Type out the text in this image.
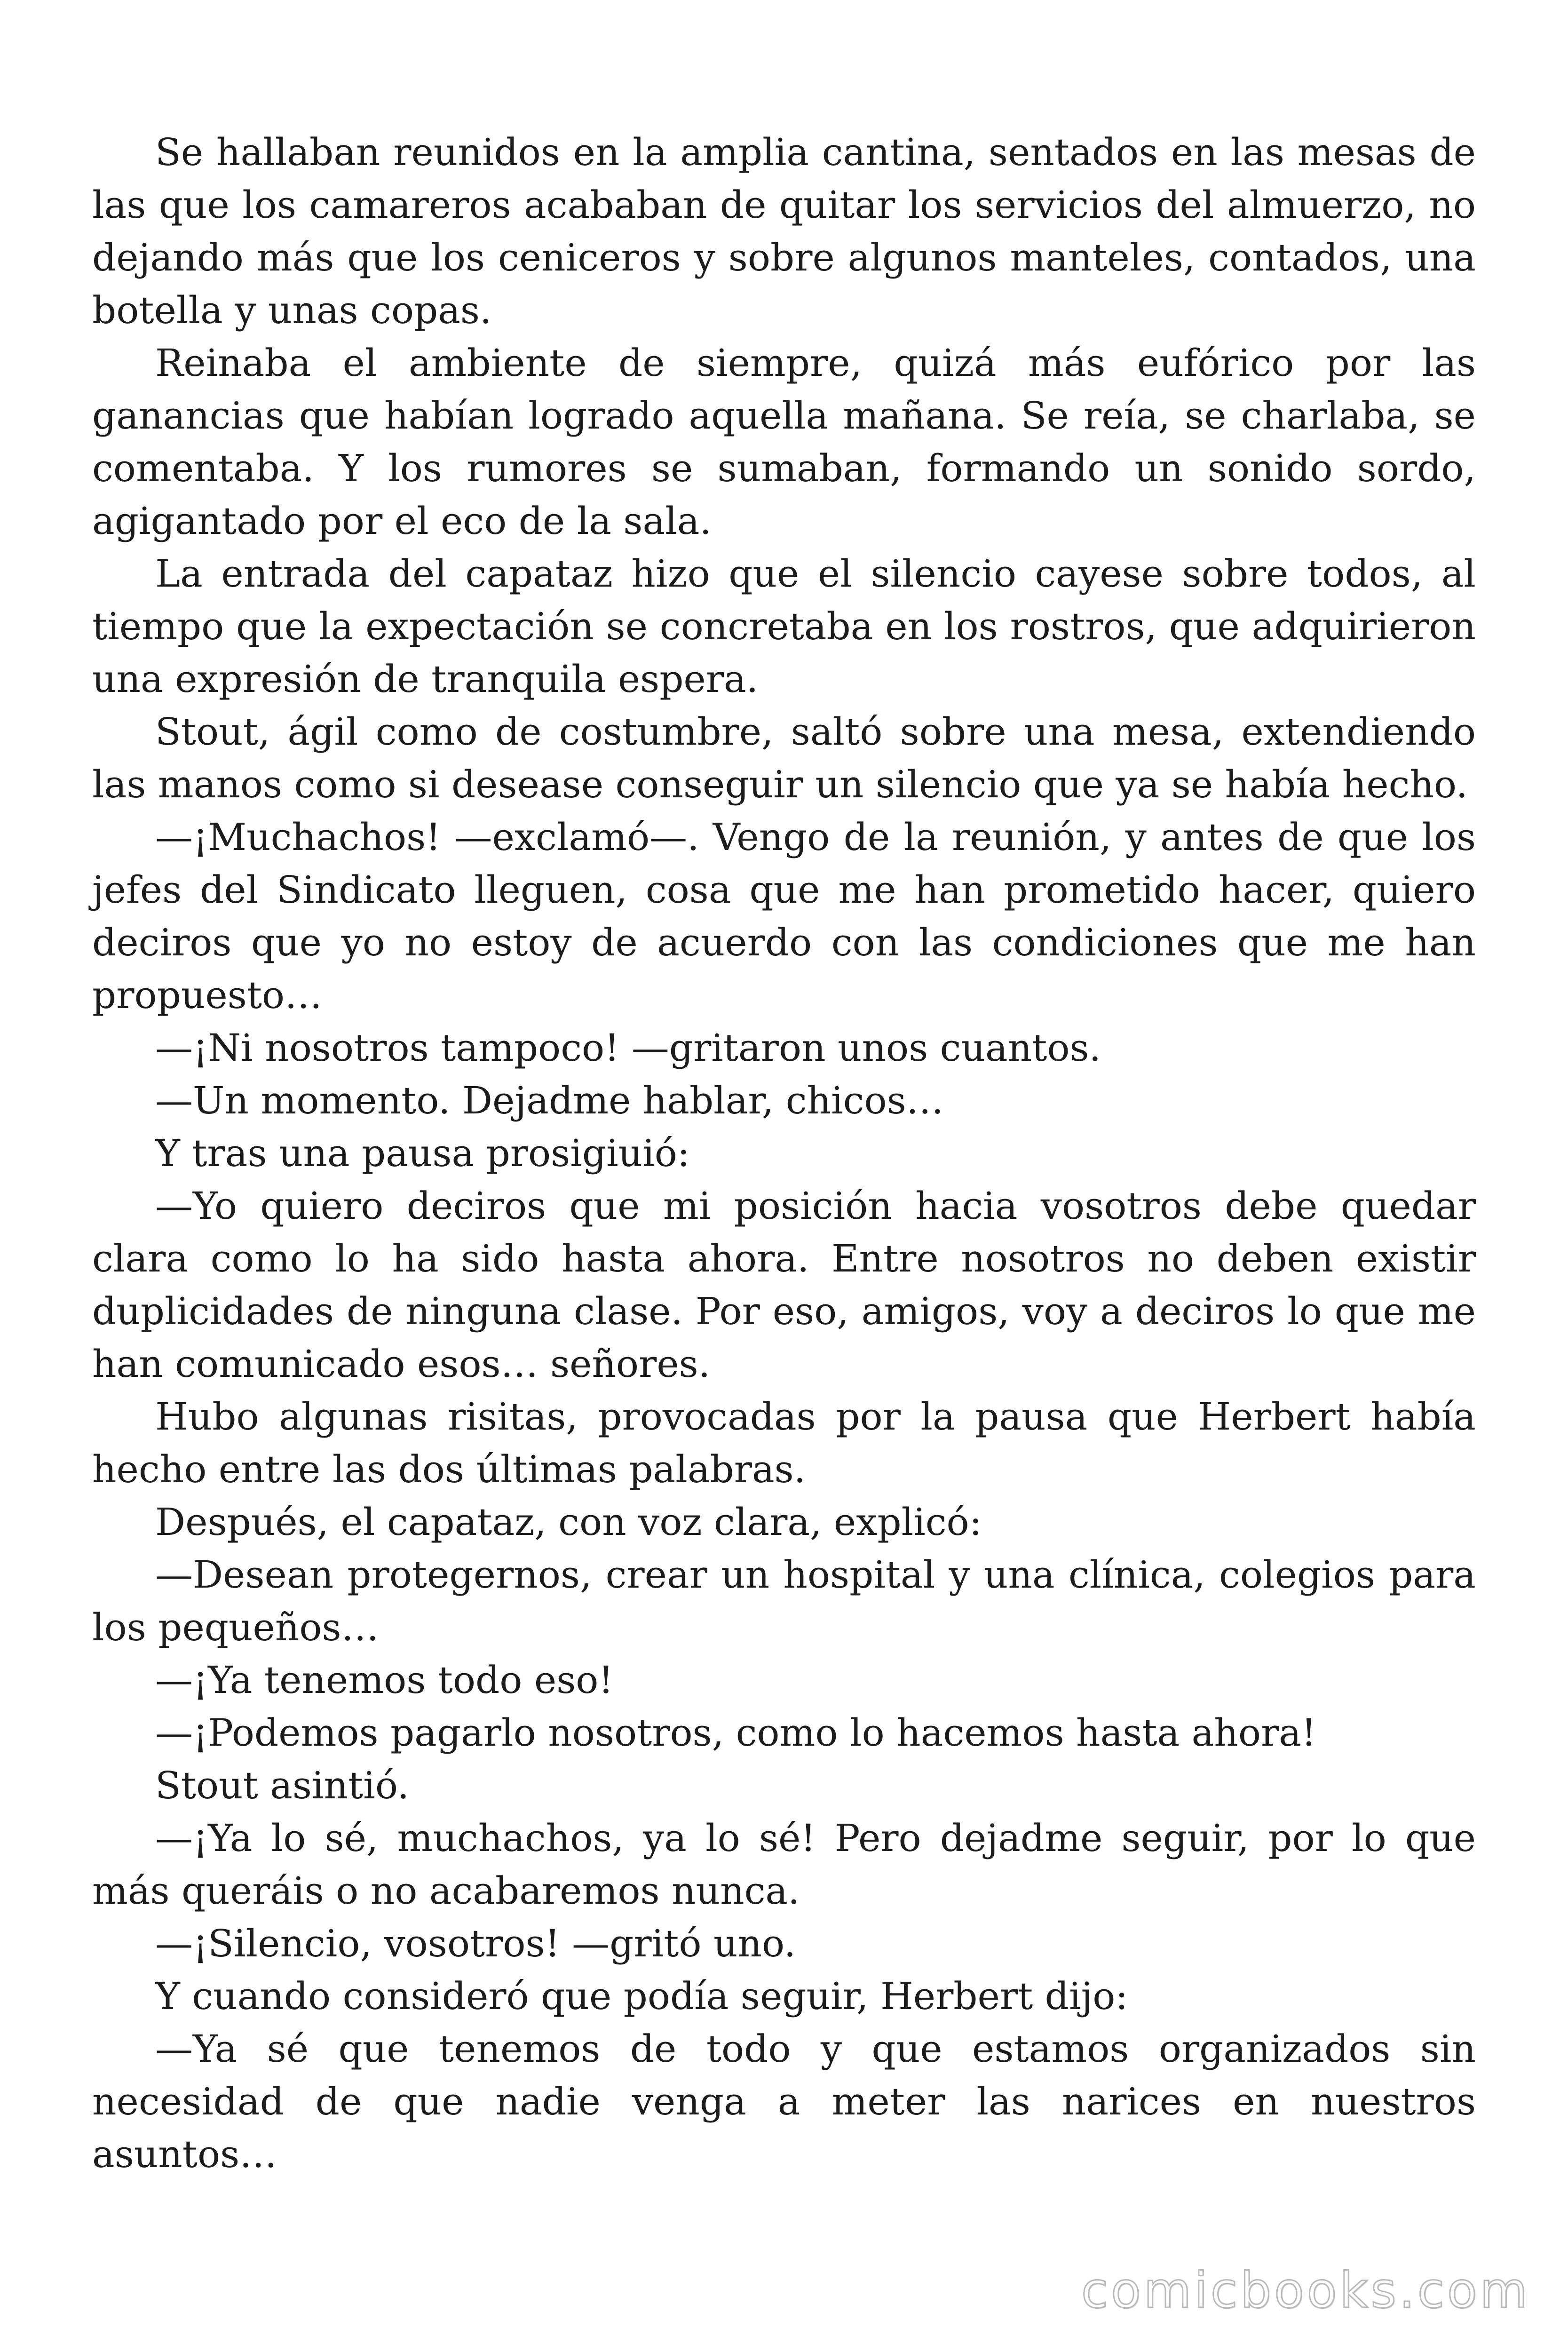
Se hallaban reunidos en la amplia cantina, sentados en las mesas de las que los camareros acababan de quitar los servicios del almuerzo, no dejando más que los ceniceros y sobre algunos manteles, contados, una botella y unas copas.

Reinaba el ambiente de siempre, quizá más eufórico por las ganancias que habían logrado aquella mañana. Se reía, se charlaba, se comentaba. Y los rumores se sumaban, formando un sonido sordo, agigantado por el eco de la sala.

La entrada del capataz hizo que el silencio cayese sobre todos, al tiempo que la expectación se concretaba en los rostros, que adquirieron una expresión de tranquila espera.

Stout, ágil como de costumbre, saltó sobre una mesa, extendiendo las manos como si desease conseguir un silencio que ya se había hecho.

—¡Muchachos! —exclamó—. Vengo de la reunión, y antes de que los jefes del Sindicato lleguen, cosa que me han prometido hacer, quiero deciros que yo no estoy de acuerdo con las condiciones que me han propuesto…

—¡Ni nosotros tampoco! —gritaron unos cuantos.

—Un momento. Dejadme hablar, chicos…

Y tras una pausa prosigiuió:

—Yo quiero deciros que mi posición hacia vosotros debe quedar clara como lo ha sido hasta ahora. Entre nosotros no deben existir duplicidades de ninguna clase. Por eso, amigos, voy a deciros lo que me han comunicado esos… señores.

Hubo algunas risitas, provocadas por la pausa que Herbert había hecho entre las dos últimas palabras.

Después, el capataz, con voz clara, explicó:

—Desean protegernos, crear un hospital y una clínica, colegios para los pequeños…

—¡Ya tenemos todo eso!

—¡Podemos pagarlo nosotros, como lo hacemos hasta ahora!

Stout asintió.

—¡Ya lo sé, muchachos, ya lo sé! Pero dejadme seguir, por lo que más queráis o no acabaremos nunca.

—¡Silencio, vosotros! —gritó uno.

Y cuando consideró que podía seguir, Herbert dijo:

—Ya sé que tenemos de todo y que estamos organizados sin necesidad de que nadie venga a meter las narices en nuestros asuntos…

comicbooks.com
